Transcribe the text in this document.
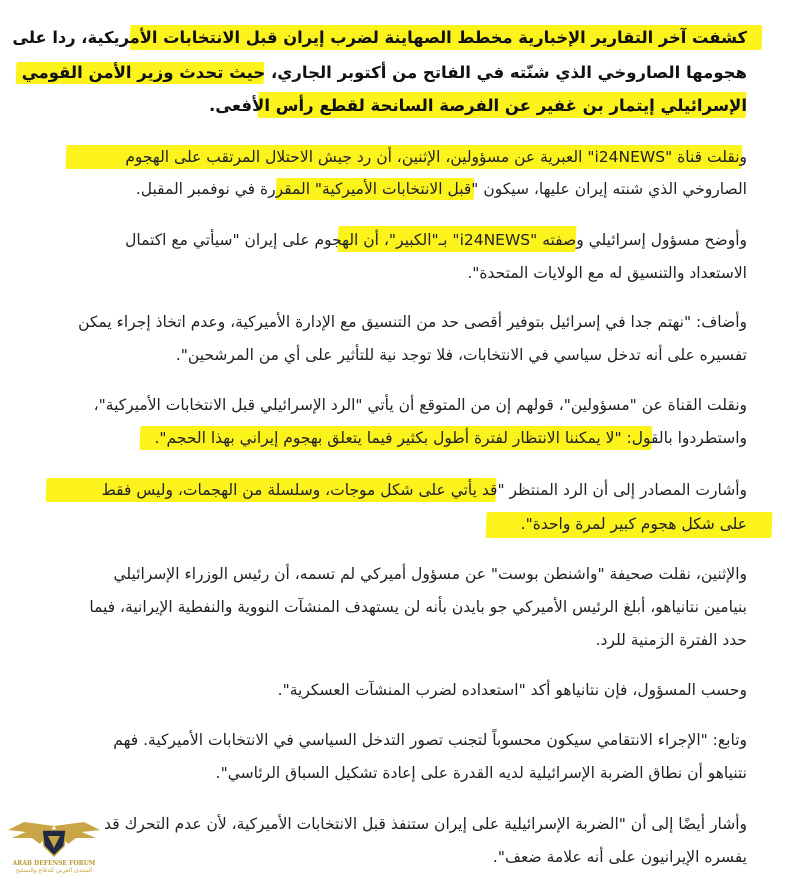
كشفت آخر التقارير الإخبارية مخطط الصهاينة لضرب إيران قبل الانتخابات الأمريكية، ردا على
هجومها الصاروخي الذي شنّته في الفاتح من أكتوبر الجاري، حيث تحدث وزير الأمن القومي
الإسرائيلي إيتمار بن غفير عن الفرصة السانحة لقطع رأس الأفعى.
ونقلت قناة "i24NEWS" العبرية عن مسؤولين، الإثنين، أن رد جيش الاحتلال المرتقب على الهجوم
الصاروخي الذي شنته إيران عليها، سيكون "قبل الانتخابات الأميركية" المقررة في نوفمبر المقبل.
وأوضح مسؤول إسرائيلي وصفته "i24NEWS" بـ"الكبير"، أن الهجوم على إيران "سيأتي مع اكتمال
الاستعداد والتنسيق له مع الولايات المتحدة".
وأضاف: "نهتم جدا في إسرائيل بتوفير أقصى حد من التنسيق مع الإدارة الأميركية، وعدم اتخاذ إجراء يمكن
تفسيره على أنه تدخل سياسي في الانتخابات، فلا توجد نية للتأثير على أي من المرشحين".
ونقلت القناة عن "مسؤولين"، قولهم إن من المتوقع أن يأتي "الرد الإسرائيلي قبل الانتخابات الأميركية"،
واستطردوا بالقول: "لا يمكننا الانتظار لفترة أطول بكثير فيما يتعلق بهجوم إيراني بهذا الحجم".
وأشارت المصادر إلى أن الرد المنتظر "قد يأتي على شكل موجات، وسلسلة من الهجمات، وليس فقط
على شكل هجوم كبير لمرة واحدة".
والإثنين، نقلت صحيفة "واشنطن بوست" عن مسؤول أميركي لم تسمه، أن رئيس الوزراء الإسرائيلي
بنيامين نتانياهو، أبلغ الرئيس الأميركي جو بايدن بأنه لن يستهدف المنشآت النووية والنفطية الإيرانية، فيما
حدد الفترة الزمنية للرد.
وحسب المسؤول، فإن نتانياهو أكد "استعداده لضرب المنشآت العسكرية".
وتابع: "الإجراء الانتقامي سيكون محسوباً لتجنب تصور التدخل السياسي في الانتخابات الأميركية. فهم
نتنياهو أن نطاق الضربة الإسرائيلية لديه القدرة على إعادة تشكيل السباق الرئاسي".
وأشار أيضًا إلى أن "الضربة الإسرائيلية على إيران ستنفذ قبل الانتخابات الأميركية، لأن عدم التحرك قد
يفسره الإيرانيون على أنه علامة ضعف".
ARAB DEFENSE FORUM
المنتدى العربي للدفاع والتسليح
